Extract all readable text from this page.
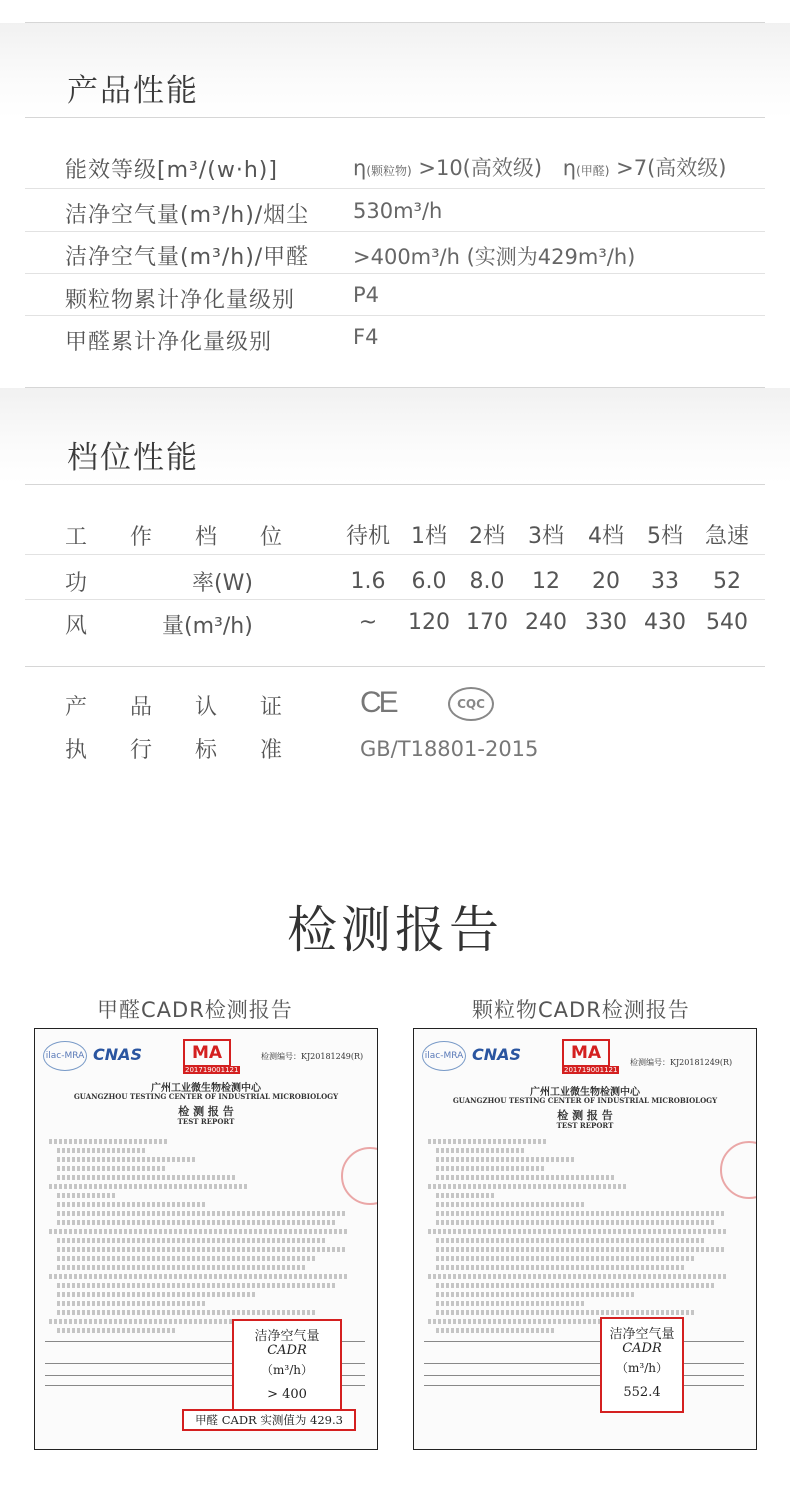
产品性能
能效等级[m³/(w·h)]	η(颗粒物) >10(高效级) η(甲醛) >7(高效级)
洁净空气量(m³/h)/烟尘 530m³/h
洁净空气量(m³/h)/甲醛 >400m³/h (实测为429m³/h)
颗粒物累计净化量级别	P4
甲醛累计净化量级别	F4
档位性能
工 作 档 位 待机 1档	2档	3档	4档	5档 急速
功	率(W)	1.6	6.0	8.0	12	20	33	52
风	量(m³/h)	~	120 170 240 330 430 540
产 品 认 证 CE	CQC
执 行 标 准	GB/T18801-2015
检测报告
甲醛CADR检测报告	颗粒物CADR检测报告
ilac-MRA CNAS	MA
201719001121
检测编号：KJ20181249(R)
广州工业微生物检测中心
GUANGZHOU TESTING CENTER OF INDUSTRIAL MICROBIOLOGY
检 测 报 告
TEST REPORT
洁净空气量
CADR
（m³/h）
> 400
甲醛 CADR 实测值为 429.3
ilac-MRA CNAS	MA
201719001121
检测编号：KJ20181249(R)
广州工业微生物检测中心
GUANGZHOU TESTING CENTER OF INDUSTRIAL MICROBIOLOGY
检 测 报 告
TEST REPORT
洁净空气量
CADR
（m³/h）
552.4
